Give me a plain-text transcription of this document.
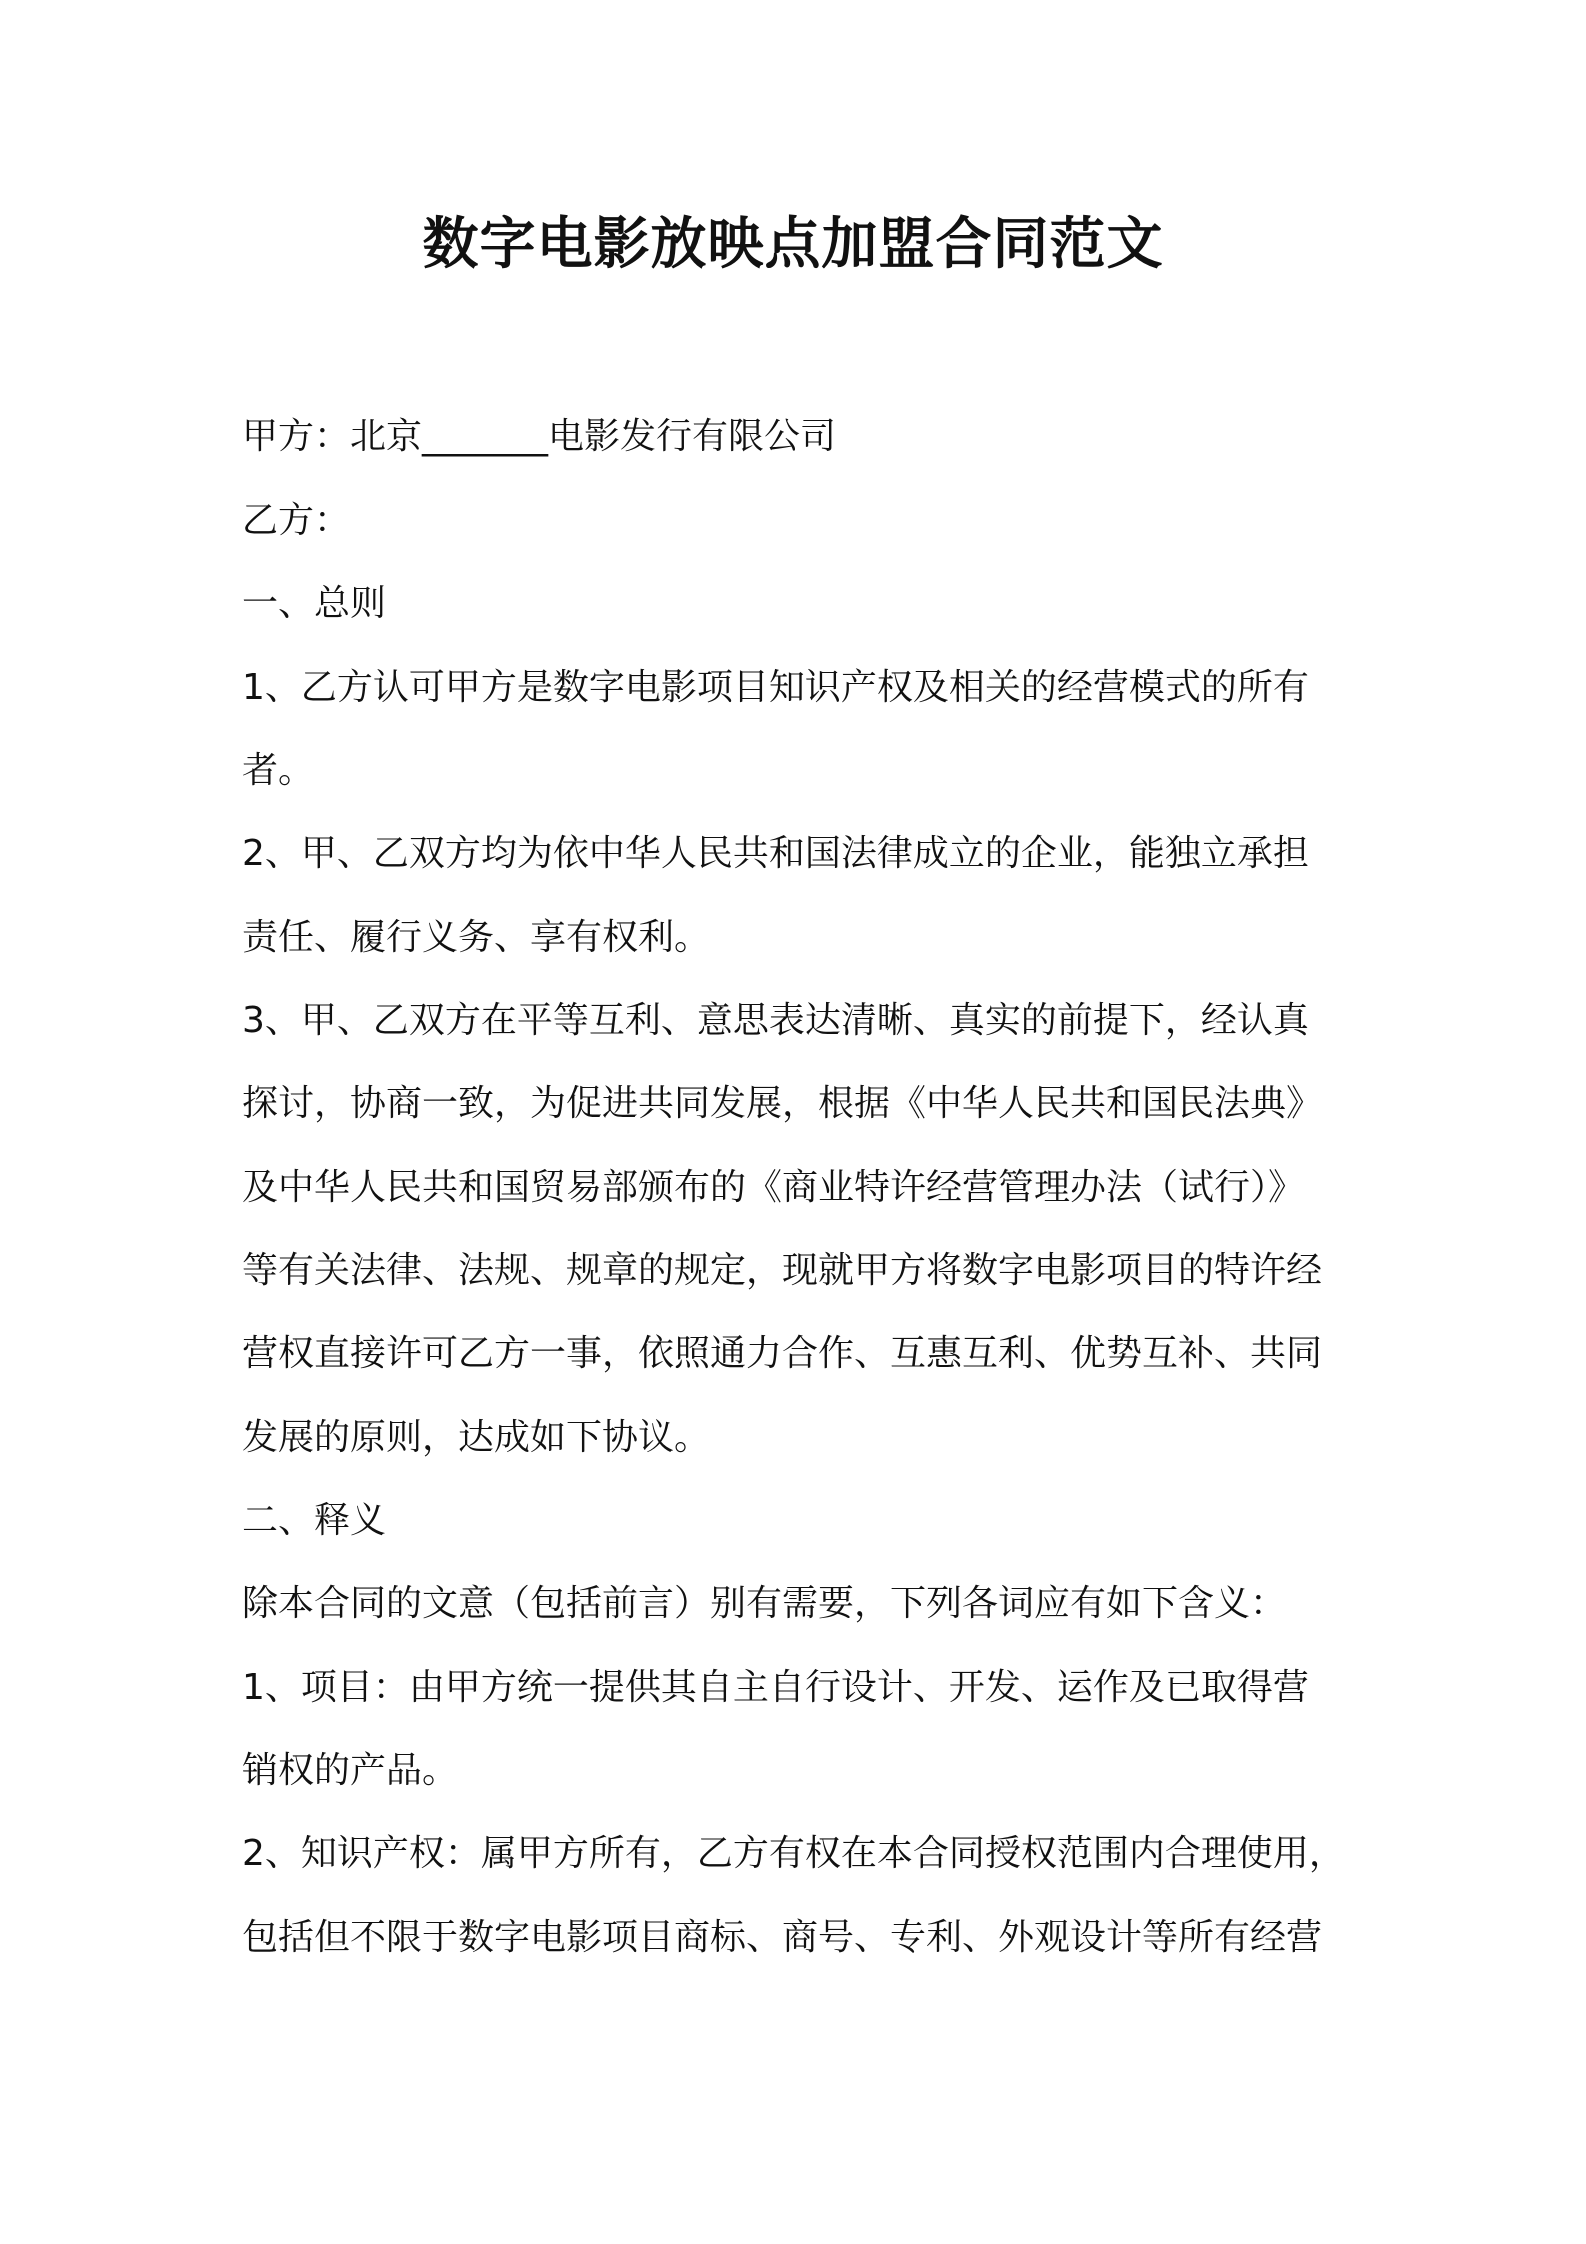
数字电影放映点加盟合同范文
甲方：北京_______电影发行有限公司
乙方：
一、总则
1、乙方认可甲方是数字电影项目知识产权及相关的经营模式的所有
者。
2、甲、乙双方均为依中华人民共和国法律成立的企业，能独立承担
责任、履行义务、享有权利。
3、甲、乙双方在平等互利、意思表达清晰、真实的前提下，经认真
探讨，协商一致，为促进共同发展，根据《中华人民共和国民法典》
及中华人民共和国贸易部颁布的《商业特许经营管理办法（试行）》
等有关法律、法规、规章的规定，现就甲方将数字电影项目的特许经
营权直接许可乙方一事，依照通力合作、互惠互利、优势互补、共同
发展的原则，达成如下协议。
二、释义
除本合同的文意（包括前言）别有需要，下列各词应有如下含义：
1、项目：由甲方统一提供其自主自行设计、开发、运作及已取得营
销权的产品。
2、知识产权：属甲方所有，乙方有权在本合同授权范围内合理使用，
包括但不限于数字电影项目商标、商号、专利、外观设计等所有经营
